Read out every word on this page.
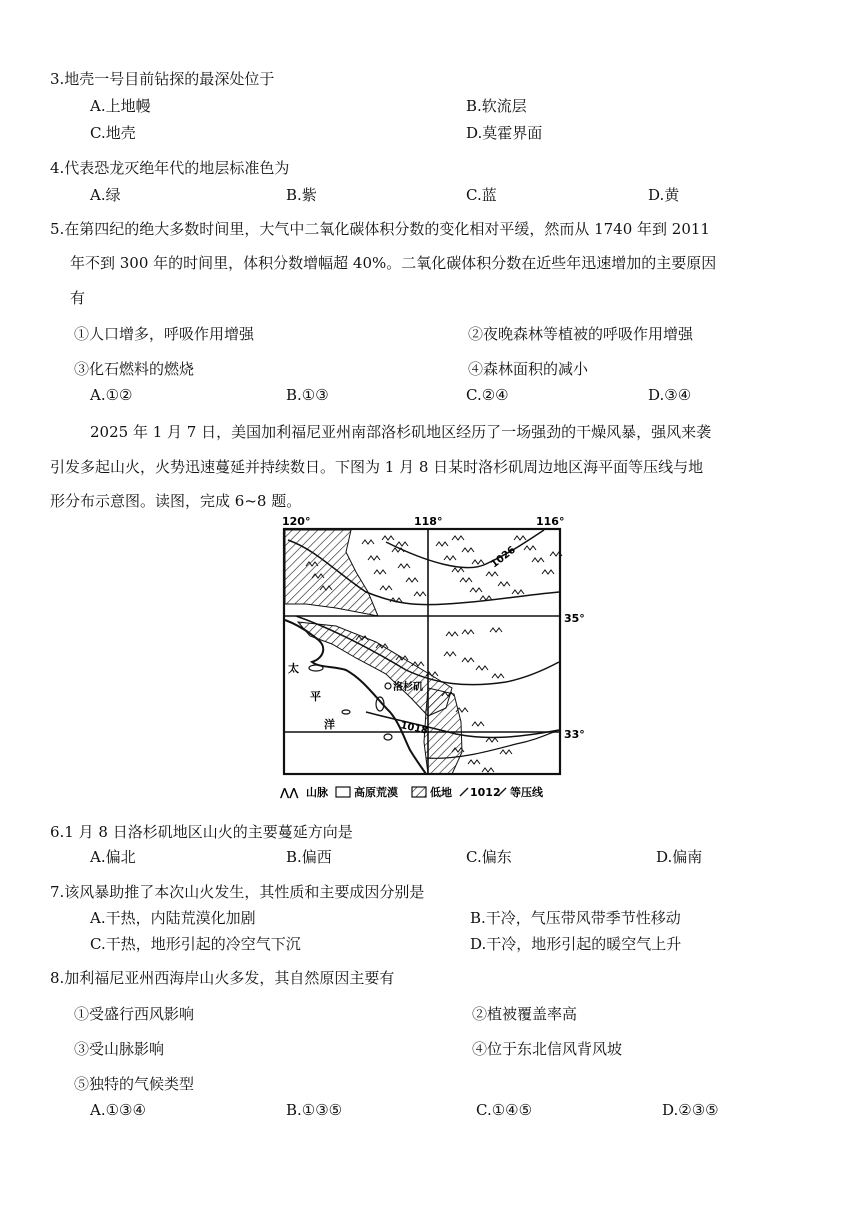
3.地壳一号目前钻探的最深处位于
A.上地幔	B.软流层
C.地壳	D.莫霍界面
4.代表恐龙灭绝年代的地层标准色为
A.绿	B.紫	C.蓝	D.黄
5.在第四纪的绝大多数时间里，大气中二氧化碳体积分数的变化相对平缓，然而从 1740 年到 2011
年不到 300 年的时间里，体积分数增幅超 40%。二氧化碳体积分数在近些年迅速增加的主要原因
有
①人口增多，呼吸作用增强	②夜晚森林等植被的呼吸作用增强
③化石燃料的燃烧	④森林面积的减小
A.①②	B.①③	C.②④	D.③④
2025 年 1 月 7 日，美国加利福尼亚州南部洛杉矶地区经历了一场强劲的干燥风暴，强风来袭
引发多起山火，火势迅速蔓延并持续数日。下图为 1 月 8 日某时洛杉矶周边地区海平面等压线与地
形分布示意图。读图，完成 6~8 题。
120°	118°	116°
35°
33°
1026
1018
洛杉矶
太
平
洋
⋀⋀ 山脉 高原荒漠	低地 1012 等压线
6.1 月 8 日洛杉矶地区山火的主要蔓延方向是
A.偏北	B.偏西	C.偏东	D.偏南
7.该风暴助推了本次山火发生，其性质和主要成因分别是
A.干热，内陆荒漠化加剧	B.干冷，气压带风带季节性移动
C.干热，地形引起的冷空气下沉	D.干冷，地形引起的暖空气上升
8.加利福尼亚州西海岸山火多发，其自然原因主要有
①受盛行西风影响	②植被覆盖率高
③受山脉影响	④位于东北信风背风坡
⑤独特的气候类型
A.①③④	B.①③⑤	C.①④⑤	D.②③⑤
